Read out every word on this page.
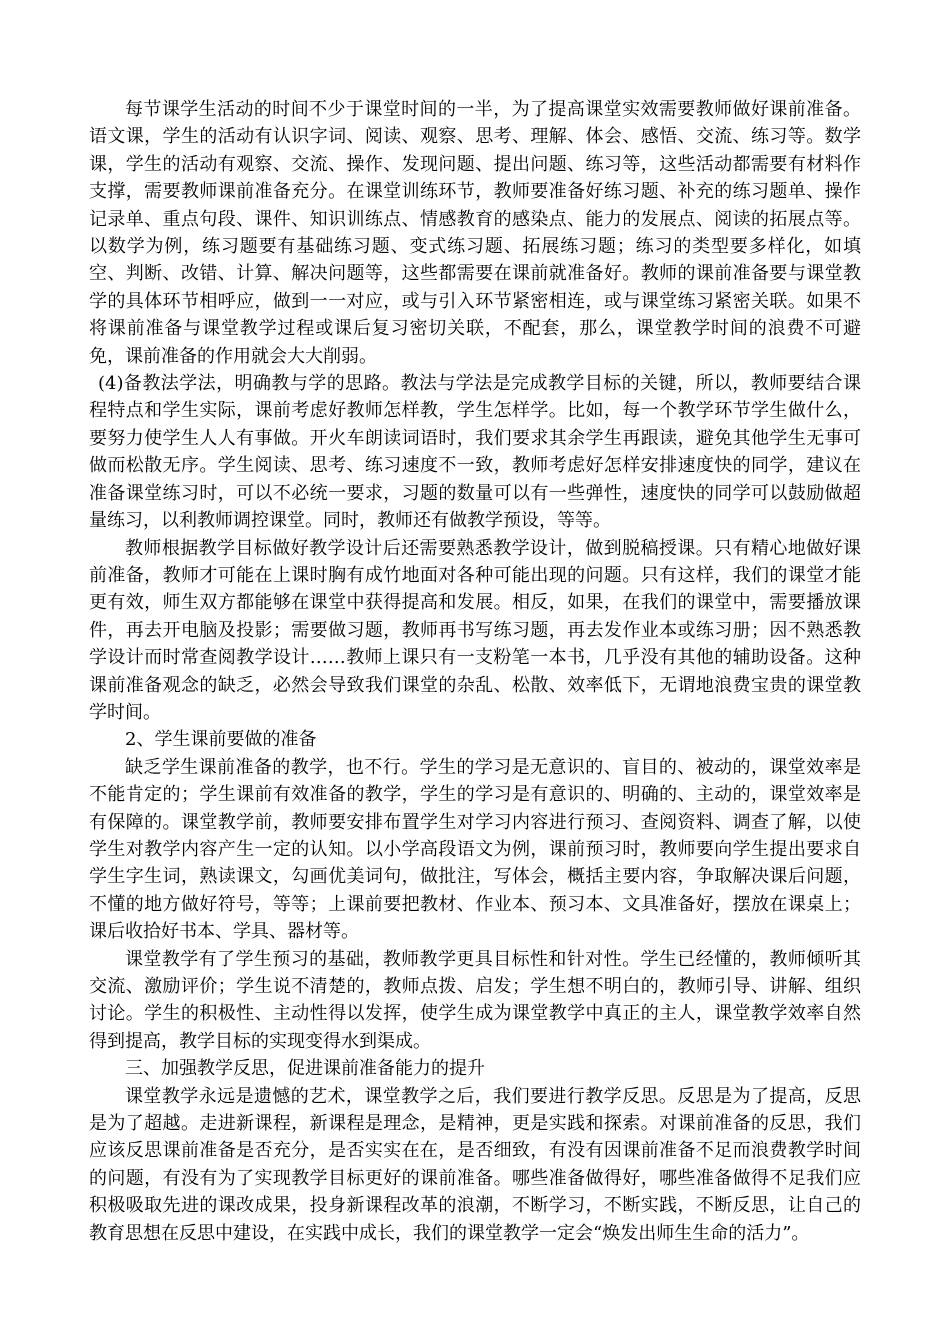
每节课学生活动的时间不少于课堂时间的一半，为了提高课堂实效需要教师做好课前准备。语文课，学生的活动有认识字词、阅读、观察、思考、理解、体会、感悟、交流、练习等。数学课，学生的活动有观察、交流、操作、发现问题、提出问题、练习等，这些活动都需要有材料作支撑，需要教师课前准备充分。在课堂训练环节，教师要准备好练习题、补充的练习题单、操作记录单、重点句段、课件、知识训练点、情感教育的感染点、能力的发展点、阅读的拓展点等。以数学为例，练习题要有基础练习题、变式练习题、拓展练习题；练习的类型要多样化，如填空、判断、改错、计算、解决问题等，这些都需要在课前就准备好。教师的课前准备要与课堂教学的具体环节相呼应，做到一一对应，或与引入环节紧密相连，或与课堂练习紧密关联。如果不将课前准备与课堂教学过程或课后复习密切关联，不配套，那么，课堂教学时间的浪费不可避免，课前准备的作用就会大大削弱。

(4)备教法学法，明确教与学的思路。教法与学法是完成教学目标的关键，所以，教师要结合课程特点和学生实际，课前考虑好教师怎样教，学生怎样学。比如，每一个教学环节学生做什么，要努力使学生人人有事做。开火车朗读词语时，我们要求其余学生再跟读，避免其他学生无事可做而松散无序。学生阅读、思考、练习速度不一致，教师考虑好怎样安排速度快的同学，建议在准备课堂练习时，可以不必统一要求，习题的数量可以有一些弹性，速度快的同学可以鼓励做超量练习，以利教师调控课堂。同时，教师还有做教学预设，等等。

教师根据教学目标做好教学设计后还需要熟悉教学设计，做到脱稿授课。只有精心地做好课前准备，教师才可能在上课时胸有成竹地面对各种可能出现的问题。只有这样，我们的课堂才能更有效，师生双方都能够在课堂中获得提高和发展。相反，如果，在我们的课堂中，需要播放课件，再去开电脑及投影；需要做习题，教师再书写练习题，再去发作业本或练习册；因不熟悉教学设计而时常查阅教学设计……教师上课只有一支粉笔一本书，几乎没有其他的辅助设备。这种课前准备观念的缺乏，必然会导致我们课堂的杂乱、松散、效率低下，无谓地浪费宝贵的课堂教学时间。

2、学生课前要做的准备

缺乏学生课前准备的教学，也不行。学生的学习是无意识的、盲目的、被动的，课堂效率是不能肯定的；学生课前有效准备的教学，学生的学习是有意识的、明确的、主动的，课堂效率是有保障的。课堂教学前，教师要安排布置学生对学习内容进行预习、查阅资料、调查了解，以使学生对教学内容产生一定的认知。以小学高段语文为例，课前预习时，教师要向学生提出要求自学生字生词，熟读课文，勾画优美词句，做批注，写体会，概括主要内容，争取解决课后问题，不懂的地方做好符号，等等；上课前要把教材、作业本、预习本、文具准备好，摆放在课桌上；课后收拾好书本、学具、器材等。

课堂教学有了学生预习的基础，教师教学更具目标性和针对性。学生已经懂的，教师倾听其交流、激励评价；学生说不清楚的，教师点拨、启发；学生想不明白的，教师引导、讲解、组织讨论。学生的积极性、主动性得以发挥，使学生成为课堂教学中真正的主人，课堂教学效率自然得到提高，教学目标的实现变得水到渠成。

三、加强教学反思，促进课前准备能力的提升

课堂教学永远是遗憾的艺术，课堂教学之后，我们要进行教学反思。反思是为了提高，反思是为了超越。走进新课程，新课程是理念，是精神，更是实践和探索。对课前准备的反思，我们应该反思课前准备是否充分，是否实实在在，是否细致，有没有因课前准备不足而浪费教学时间的问题，有没有为了实现教学目标更好的课前准备。哪些准备做得好，哪些准备做得不足我们应积极吸取先进的课改成果，投身新课程改革的浪潮，不断学习，不断实践，不断反思，让自己的教育思想在反思中建设，在实践中成长，我们的课堂教学一定会“焕发出师生生命的活力”。
